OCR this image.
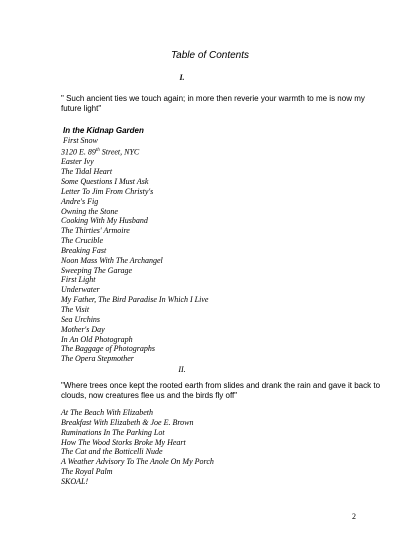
Table of Contents

I.

" Such ancient ties we touch again; in more then reverie your warmth to me is now my future light"

In the Kidnap Garden
First Snow
3120 E. 89th Street, NYC
Easter Ivy
The Tidal Heart
Some Questions I Must Ask
Letter To Jim From Christy's
Andre's Fig
Owning the Stone
Cooking With My Husband
The Thirties' Armoire
The Crucible
Breaking Fast
Noon Mass With The Archangel
Sweeping The Garage
First Light
Underwater
My Father, The Bird Paradise In Which I Live
The Visit
Sea Urchins
Mother's Day
In An Old Photograph
The Baggage of Photographs
The Opera Stepmother

II.

"Where trees once kept the rooted earth from slides and drank the rain and gave it back to clouds, now creatures flee us and the birds fly off"

At The Beach With Elizabeth
Breakfast With Elizabeth & Joe E. Brown
Ruminations In The Parking Lot
How The Wood Storks Broke My Heart
The Cat and the Botticelli Nude
A Weather Advisory To The Anole On My Porch
The Royal Palm
SKOAL!

2
